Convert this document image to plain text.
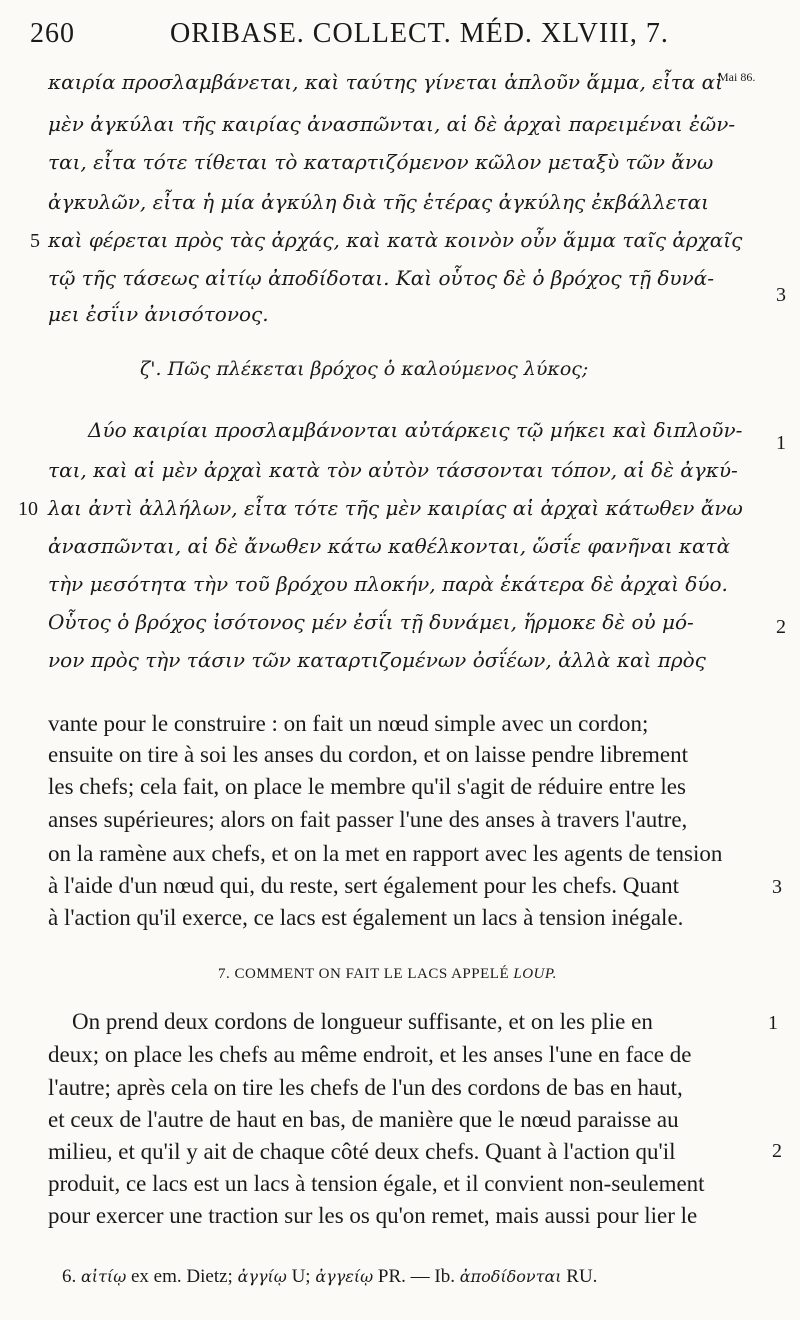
260	ORIBASE. COLLECT. MÉD. XLVIII, 7.
Mai 86.
καιρία προσλαμβάνεται, καὶ ταύτης γίνεται ἁπλοῦν ἅμμα, εἶτα αἱ
μὲν ἀγκύλαι τῆς καιρίας ἀνασπῶνται, αἱ δὲ ἀρχαὶ παρειμέναι ἐῶν-
ται, εἶτα τότε τίθεται τὸ καταρτιζόμενον κῶλον μεταξὺ τῶν ἄνω
ἀγκυλῶν, εἶτα ἡ μία ἀγκύλη διὰ τῆς ἑτέρας ἀγκύλης ἐκβάλλεται
καὶ φέρεται πρὸς τὰς ἀρχάς, καὶ κατὰ κοινὸν οὖν ἅμμα ταῖς ἀρχαῖς
τῷ τῆς τάσεως αἰτίῳ ἀποδίδοται. Καὶ οὗτος δὲ ὁ βρόχος τῇ δυνά-
μει ἐσΐιν ἀνισότονος.
5
3
ζ'. Πῶς πλέκεται βρόχος ὁ καλούμενος λύκος;
Δύο καιρίαι προσλαμβάνονται αὐτάρκεις τῷ μήκει καὶ διπλοῦν-
ται, καὶ αἱ μὲν ἀρχαὶ κατὰ τὸν αὐτὸν τάσσονται τόπον, αἱ δὲ ἀγκύ-
λαι ἀντὶ ἀλλήλων, εἶτα τότε τῆς μὲν καιρίας αἱ ἀρχαὶ κάτωθεν ἄνω
ἀνασπῶνται, αἱ δὲ ἄνωθεν κάτω καθέλκονται, ὥσΐε φανῆναι κατὰ
τὴν μεσότητα τὴν τοῦ βρόχου πλοκήν, παρὰ ἑκάτερα δὲ ἀρχαὶ δύο.
Οὗτος ὁ βρόχος ἰσότονος μέν ἐσΐι τῇ δυνάμει, ἥρμοκε δὲ οὐ μό-
νον πρὸς τὴν τάσιν τῶν καταρτιζομένων ὀσΐέων, ἀλλὰ καὶ πρὸς
1
10
2
vante pour le construire : on fait un nœud simple avec un cordon;
ensuite on tire à soi les anses du cordon, et on laisse pendre librement
les chefs; cela fait, on place le membre qu'il s'agit de réduire entre les
anses supérieures; alors on fait passer l'une des anses à travers l'autre,
on la ramène aux chefs, et on la met en rapport avec les agents de tension
à l'aide d'un nœud qui, du reste, sert également pour les chefs. Quant
à l'action qu'il exerce, ce lacs est également un lacs à tension inégale.
3
7. COMMENT ON FAIT LE LACS APPELÉ LOUP.
On prend deux cordons de longueur suffisante, et on les plie en
deux; on place les chefs au même endroit, et les anses l'une en face de
l'autre; après cela on tire les chefs de l'un des cordons de bas en haut,
et ceux de l'autre de haut en bas, de manière que le nœud paraisse au
milieu, et qu'il y ait de chaque côté deux chefs. Quant à l'action qu'il
produit, ce lacs est un lacs à tension égale, et il convient non-seulement
pour exercer une traction sur les os qu'on remet, mais aussi pour lier le
1
2
6. αἰτίῳ ex em. Dietz; ἀγγίῳ U; ἀγγείῳ PR. — Ib. ἀποδίδονται RU.
